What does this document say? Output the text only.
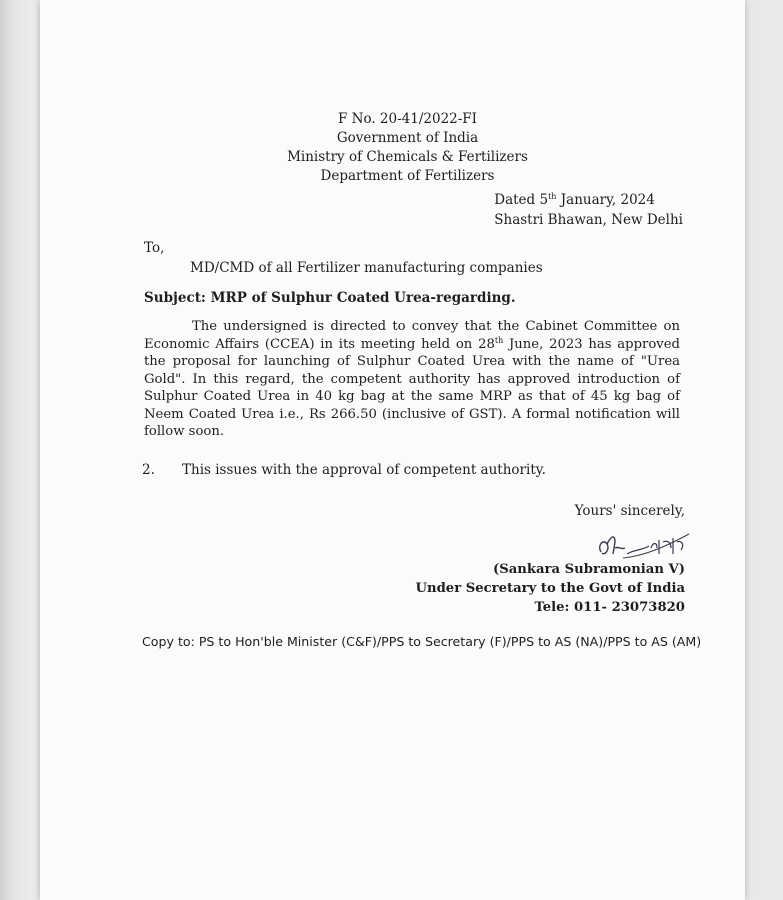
F No. 20-41/2022-FI
Government of India
Ministry of Chemicals & Fertilizers
Department of Fertilizers
Dated 5th January, 2024
Shastri Bhawan, New Delhi
To,
MD/CMD of all Fertilizer manufacturing companies
Subject: MRP of Sulphur Coated Urea-regarding.
The undersigned is directed to convey that the Cabinet Committee on Economic Affairs (CCEA) in its meeting held on 28th June, 2023 has approved the proposal for launching of Sulphur Coated Urea with the name of "Urea Gold". In this regard, the competent authority has approved introduction of Sulphur Coated Urea in 40 kg bag at the same MRP as that of 45 kg bag of Neem Coated Urea i.e., Rs 266.50 (inclusive of GST). A formal notification will follow soon.
2. This issues with the approval of competent authority.
Yours' sincerely,
(Sankara Subramonian V)
Under Secretary to the Govt of India
Tele: 011- 23073820
Copy to: PS to Hon'ble Minister (C&F)/PPS to Secretary (F)/PPS to AS (NA)/PPS to AS (AM)
